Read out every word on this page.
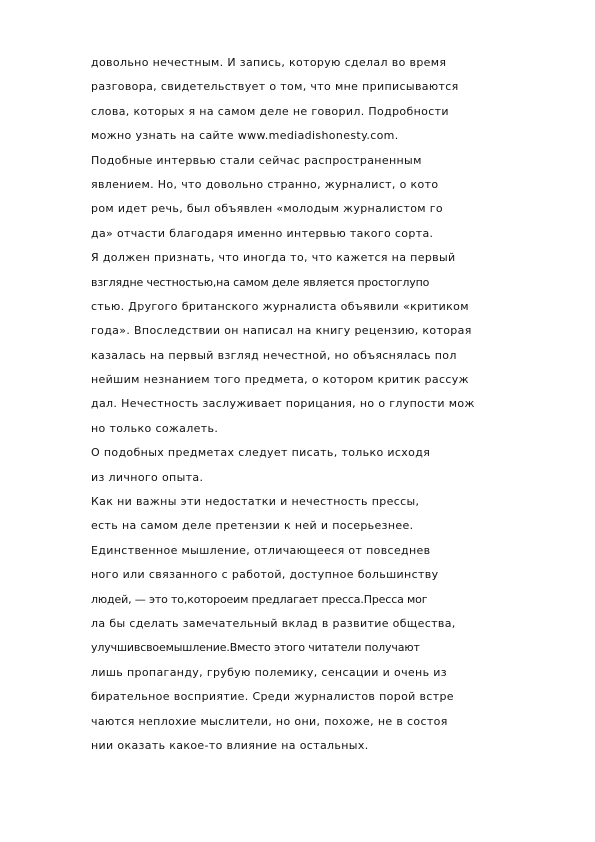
довольно нечестным. И запись, которую сделал во время
разговора, свидетельствует о том, что мне приписываются
слова, которых я на самом деле не говорил. Подробности
можно узнать на сайте www.mediadishonesty.com.
Подобные интервью стали сейчас распространенным
явлением. Но, что довольно странно, журналист, о кото
ром идет речь, был объявлен «молодым журналистом го
да» отчасти благодаря именно интервью такого сорта.
Я должен признать, что иногда то, что кажется на первый
взглядне честностью,на самом деле является простоглупо
стью. Другого британского журналиста объявили «критиком
года». Впоследствии он написал на книгу рецензию, которая
казалась на первый взгляд нечестной, но объяснялась пол
нейшим незнанием того предмета, о котором критик рассуж
дал. Нечестность заслуживает порицания, но о глупости мож
но только сожалеть.
О подобных предметах следует писать, только исходя
из личного опыта.
Как ни важны эти недостатки и нечестность прессы,
есть на самом деле претензии к ней и посерьезнее.
Единственное мышление, отличающееся от повседнев
ного или связанного с работой, доступное большинству
людей, — это то,котороеим предлагает пресса.Пресса мог
ла бы сделать замечательный вклад в развитие общества,
улучшивсвоемышление.Вместо этого читатели получают
лишь пропаганду, грубую полемику, сенсации и очень из
бирательное восприятие. Среди журналистов порой встре
чаются неплохие мыслители, но они, похоже, не в состоя
нии оказать какое-то влияние на остальных.
